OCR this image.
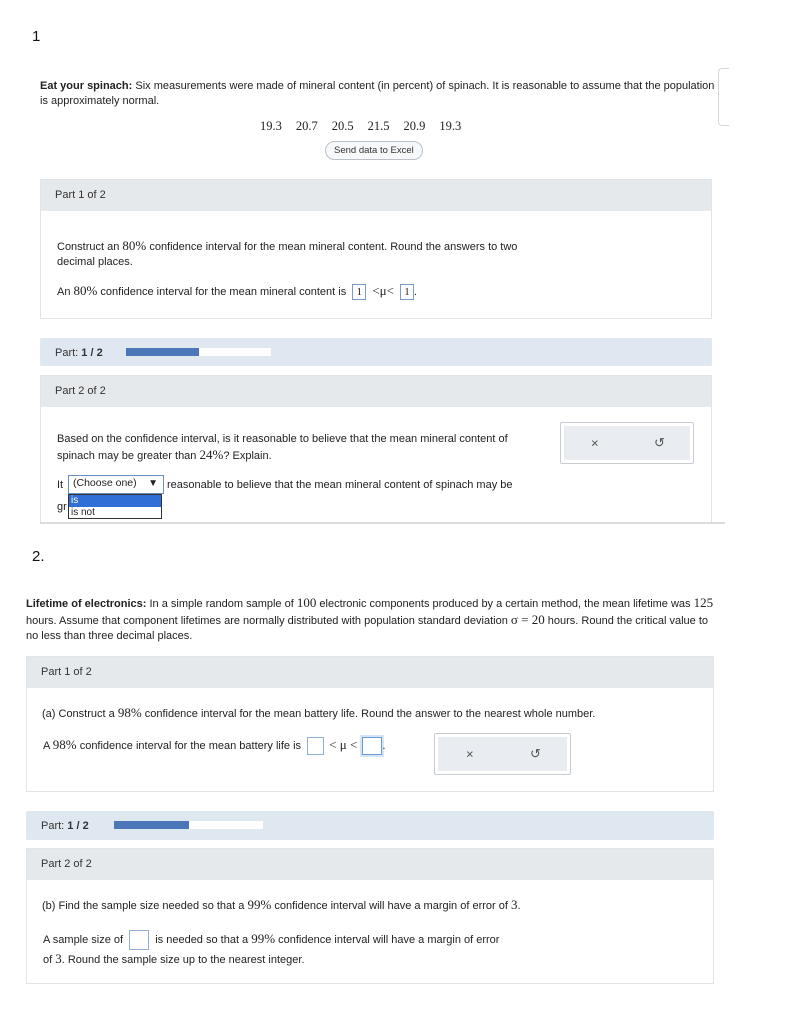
1
Eat your spinach: Six measurements were made of mineral content (in percent) of spinach. It is reasonable to assume that the population is approximately normal.
19.3 20.7 20.5 21.5 20.9 19.3
Send data to Excel
Part 1 of 2
Construct an 80% confidence interval for the mean mineral content. Round the answers to two decimal places.
An 80% confidence interval for the mean mineral content is 1 <μ< 1 .
Part: 1 / 2
Part 2 of 2
Based on the confidence interval, is it reasonable to believe that the mean mineral content of spinach may be greater than 24%? Explain.
×	↺
It (Choose one) ▼ reasonable to believe that the mean mineral content of spinach may be
gr
is
is not
2.
Lifetime of electronics: In a simple random sample of 100 electronic components produced by a certain method, the mean lifetime was 125 hours. Assume that component lifetimes are normally distributed with population standard deviation σ = 20 hours. Round the critical value to no less than three decimal places.
Part 1 of 2
(a) Construct a 98% confidence interval for the mean battery life. Round the answer to the nearest whole number.
A 98% confidence interval for the mean battery life is < μ < .
×	↺
Part: 1 / 2
Part 2 of 2
(b) Find the sample size needed so that a 99% confidence interval will have a margin of error of 3.
A sample size of	is needed so that a 99% confidence interval will have a margin of error
of 3. Round the sample size up to the nearest integer.
